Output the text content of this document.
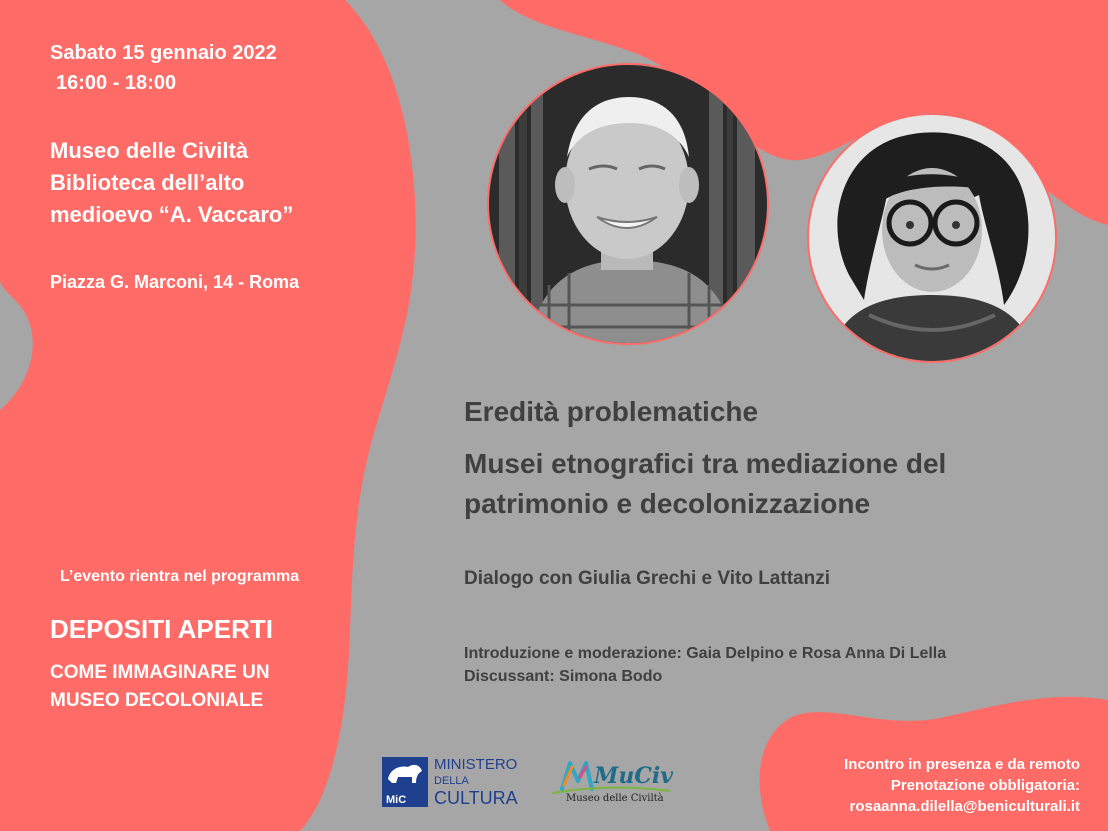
Sabato 15 gennaio 2022

16:00 - 18:00

Museo delle Civiltà

Biblioteca dell’alto

medioevo “A. Vaccaro”

Piazza G. Marconi, 14 - Roma

L’evento rientra nel programma

DEPOSITI APERTI

COME IMMAGINARE UN

MUSEO DECOLONIALE

Eredità problematiche

Musei etnografici tra mediazione del

patrimonio e decolonizzazione

Dialogo con Giulia Grechi e Vito Lattanzi

Introduzione e moderazione: Gaia Delpino e Rosa Anna Di Lella

Discussant: Simona Bodo

Incontro in presenza e da remoto

Prenotazione obbligatoria:

rosaanna.dilella@beniculturali.it

MiC
MINISTERO
DELLA
CULTURA
MuCiv
Museo delle Civiltà
